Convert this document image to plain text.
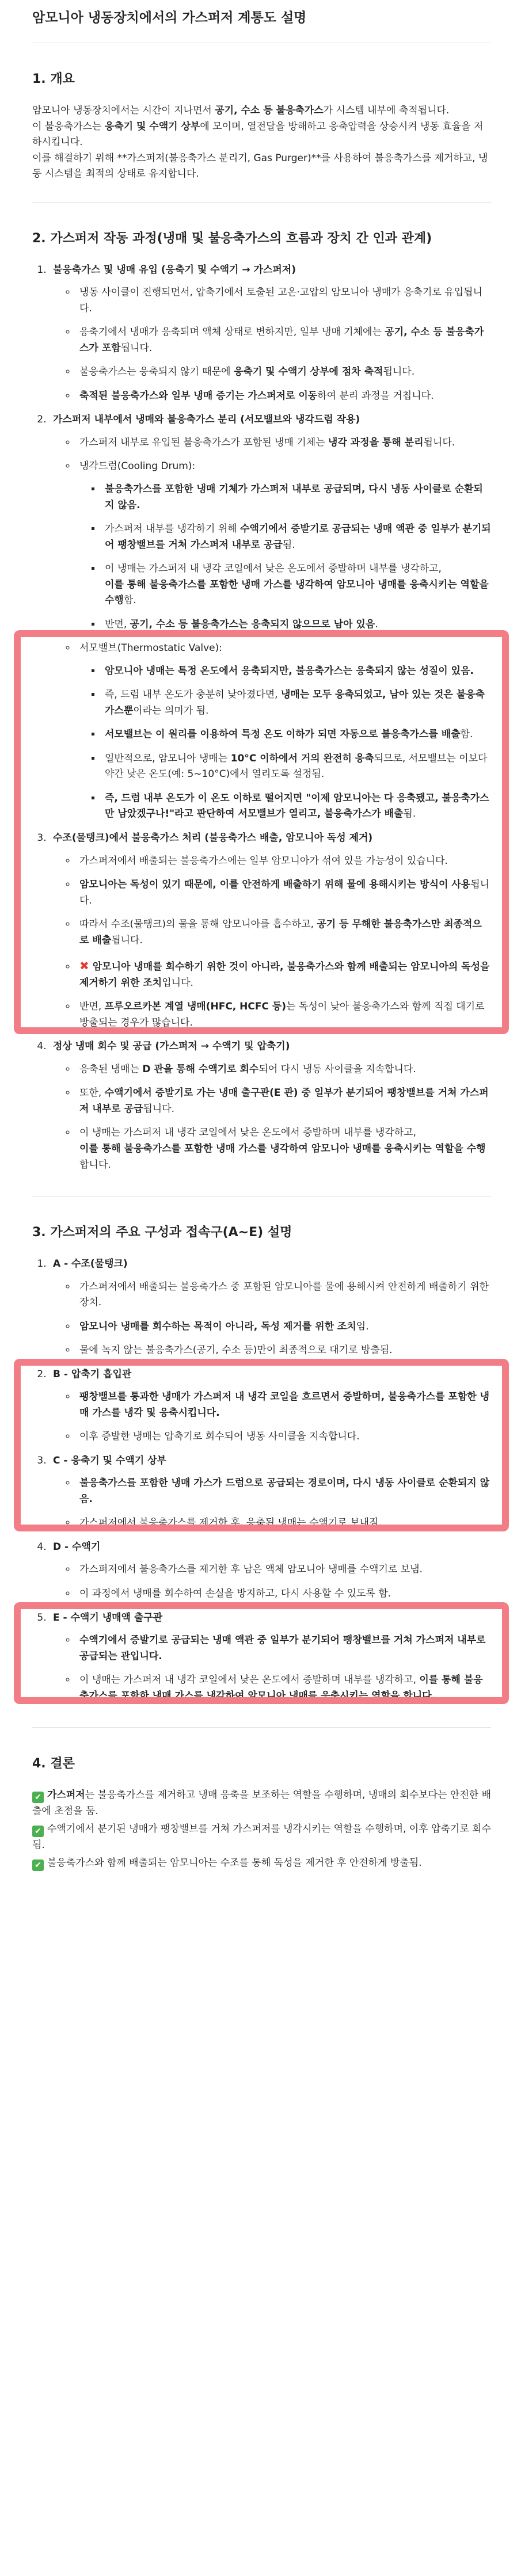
암모니아 냉동장치에서의 가스퍼저 계통도 설명
1. 개요

암모니아 냉동장치에서는 시간이 지나면서 공기, 수소 등 불응축가스가 시스템 내부에 축적됩니다.
이 불응축가스는 응축기 및 수액기 상부에 모이며, 열전달을 방해하고 응축압력을 상승시켜 냉동 효율을 저하시킵니다.
이를 해결하기 위해 **가스퍼저(불응축가스 분리기, Gas Purger)**를 사용하여 불응축가스를 제거하고, 냉동 시스템을 최적의 상태로 유지합니다.

2. 가스퍼저 작동 과정(냉매 및 불응축가스의 흐름과 장치 간 인과 관계)
1. 불응축가스 및 냉매 유입 (응축기 및 수액기 → 가스퍼저)
◦ 냉동 사이클이 진행되면서, 압축기에서 토출된 고온·고압의 암모니아 냉매가 응축기로 유입됩니다.
◦ 응축기에서 냉매가 응축되며 액체 상태로 변하지만, 일부 냉매 기체에는 공기, 수소 등 불응축가스가 포함됩니다.
◦ 불응축가스는 응축되지 않기 때문에 응축기 및 수액기 상부에 점차 축적됩니다.
◦ 축적된 불응축가스와 일부 냉매 증기는 가스퍼저로 이동하여 분리 과정을 거칩니다.
2. 가스퍼저 내부에서 냉매와 불응축가스 분리 (서모밸브와 냉각드럼 작용)
◦ 가스퍼저 내부로 유입된 불응축가스가 포함된 냉매 기체는 냉각 과정을 통해 분리됩니다.
◦ 냉각드럼(Cooling Drum):
▪ 불응축가스를 포함한 냉매 기체가 가스퍼저 내부로 공급되며, 다시 냉동 사이클로 순환되지 않음.
▪ 가스퍼저 내부를 냉각하기 위해 수액기에서 증발기로 공급되는 냉매 액관 중 일부가 분기되어 팽창밸브를 거쳐 가스퍼저 내부로 공급됨.
▪ 이 냉매는 가스퍼저 내 냉각 코일에서 낮은 온도에서 증발하며 내부를 냉각하고,
이를 통해 불응축가스를 포함한 냉매 가스를 냉각하여 암모니아 냉매를 응축시키는 역할을 수행함.
▪ 반면, 공기, 수소 등 불응축가스는 응축되지 않으므로 남아 있음.
◦ 서모밸브(Thermostatic Valve):
▪ 암모니아 냉매는 특정 온도에서 응축되지만, 불응축가스는 응축되지 않는 성질이 있음.
▪ 즉, 드럼 내부 온도가 충분히 낮아졌다면, 냉매는 모두 응축되었고, 남아 있는 것은 불응축가스뿐이라는 의미가 됨.
▪ 서모밸브는 이 원리를 이용하여 특정 온도 이하가 되면 자동으로 불응축가스를 배출함.
▪ 일반적으로, 암모니아 냉매는 10°C 이하에서 거의 완전히 응축되므로, 서모밸브는 이보다 약간 낮은 온도(예: 5~10°C)에서 열리도록 설정됨.
▪ 즉, 드럼 내부 온도가 이 온도 이하로 떨어지면 "이제 암모니아는 다 응축됐고, 불응축가스만 남았겠구나!"라고 판단하여 서모밸브가 열리고, 불응축가스가 배출됨.
3. 수조(물탱크)에서 불응축가스 처리 (불응축가스 배출, 암모니아 독성 제거)
◦ 가스퍼저에서 배출되는 불응축가스에는 일부 암모니아가 섞여 있을 가능성이 있습니다.
◦ 암모니아는 독성이 있기 때문에, 이를 안전하게 배출하기 위해 물에 용해시키는 방식이 사용됩니다.
◦ 따라서 수조(물탱크)의 물을 통해 암모니아를 흡수하고, 공기 등 무해한 불응축가스만 최종적으로 배출됩니다.
◦ ✖ 암모니아 냉매를 회수하기 위한 것이 아니라, 불응축가스와 함께 배출되는 암모니아의 독성을 제거하기 위한 조치입니다.
◦ 반면, 프루오르카본 계열 냉매(HFC, HCFC 등)는 독성이 낮아 불응축가스와 함께 직접 대기로 방출되는 경우가 많습니다.
4. 정상 냉매 회수 및 공급 (가스퍼저 → 수액기 및 압축기)
◦ 응축된 냉매는 D 관을 통해 수액기로 회수되어 다시 냉동 사이클을 지속합니다.
◦ 또한, 수액기에서 증발기로 가는 냉매 출구관(E 관) 중 일부가 분기되어 팽창밸브를 거쳐 가스퍼저 내부로 공급됩니다.
◦ 이 냉매는 가스퍼저 내 냉각 코일에서 낮은 온도에서 증발하며 내부를 냉각하고,
이를 통해 불응축가스를 포함한 냉매 가스를 냉각하여 암모니아 냉매를 응축시키는 역할을 수행합니다.
3. 가스퍼저의 주요 구성과 접속구(A~E) 설명
1. A - 수조(물탱크)
◦ 가스퍼저에서 배출되는 불응축가스 중 포함된 암모니아를 물에 용해시켜 안전하게 배출하기 위한 장치.
◦ 암모니아 냉매를 회수하는 목적이 아니라, 독성 제거를 위한 조치임.
◦ 물에 녹지 않는 불응축가스(공기, 수소 등)만이 최종적으로 대기로 방출됨.
2. B - 압축기 흡입관
◦ 팽창밸브를 통과한 냉매가 가스퍼저 내 냉각 코일을 흐르면서 증발하며, 불응축가스를 포함한 냉매 가스를 냉각 및 응축시킵니다.
◦ 이후 증발한 냉매는 압축기로 회수되어 냉동 사이클을 지속합니다.
3. C - 응축기 및 수액기 상부
◦ 불응축가스를 포함한 냉매 가스가 드럼으로 공급되는 경로이며, 다시 냉동 사이클로 순환되지 않음.
◦ 가스퍼저에서 불응축가스를 제거한 후, 응축된 냉매는 수액기로 보내짐.
4. D - 수액기
◦ 가스퍼저에서 불응축가스를 제거한 후 남은 액체 암모니아 냉매를 수액기로 보냄.
◦ 이 과정에서 냉매를 회수하여 손실을 방지하고, 다시 사용할 수 있도록 함.
5. E - 수액기 냉매액 출구관
◦ 수액기에서 증발기로 공급되는 냉매 액관 중 일부가 분기되어 팽창밸브를 거쳐 가스퍼저 내부로 공급되는 관입니다.
◦ 이 냉매는 가스퍼저 내 냉각 코일에서 낮은 온도에서 증발하며 내부를 냉각하고, 이를 통해 불응축가스를 포함한 냉매 가스를 냉각하여 암모니아 냉매를 응축시키는 역할을 합니다.
4. 결론

✔ 가스퍼저는 불응축가스를 제거하고 냉매 응축을 보조하는 역할을 수행하며, 냉매의 회수보다는 안전한 배출에 초점을 둠.

✔ 수액기에서 분기된 냉매가 팽창밸브를 거쳐 가스퍼저를 냉각시키는 역할을 수행하며, 이후 압축기로 회수됨.

✔ 불응축가스와 함께 배출되는 암모니아는 수조를 통해 독성을 제거한 후 안전하게 방출됨.
